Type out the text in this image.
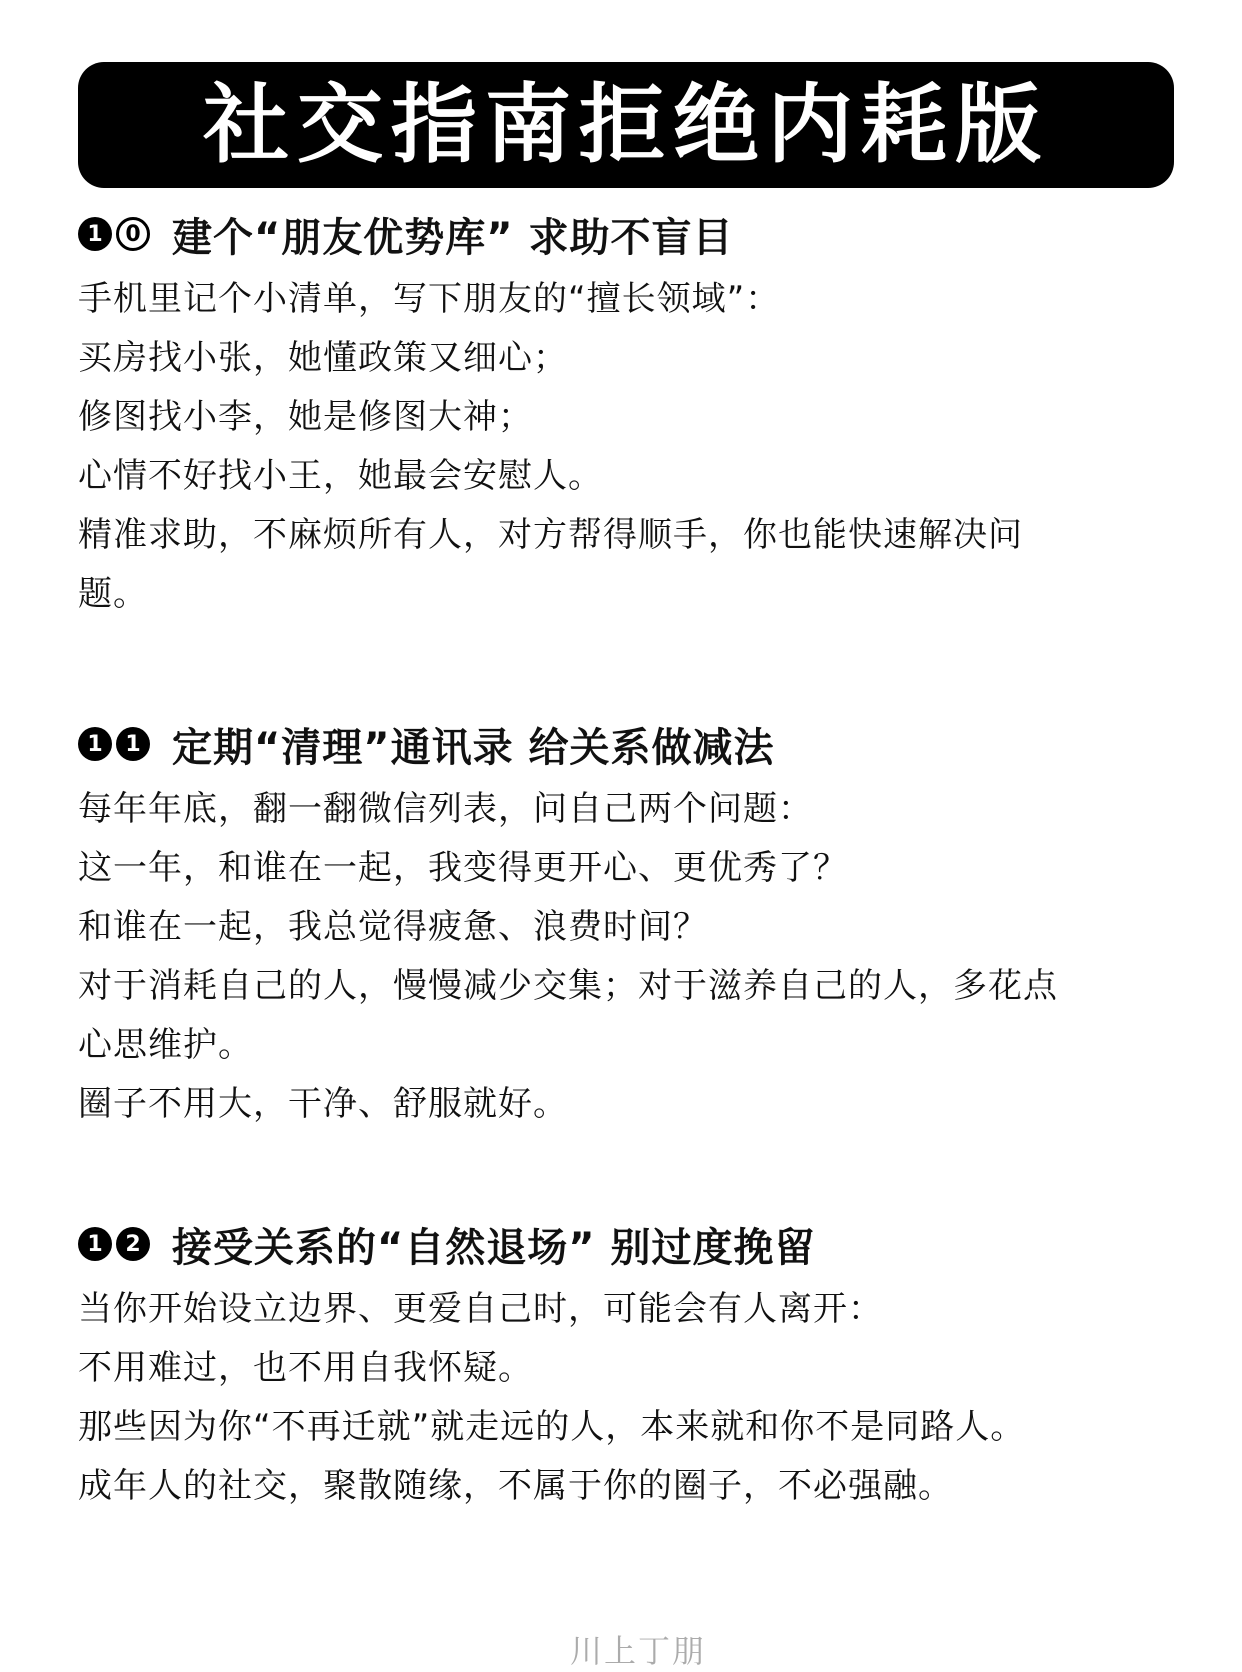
社交指南拒绝内耗版
1	0 建个“朋友优势库” 求助不盲目
手机里记个小清单，写下朋友的“擅长领域”：
买房找小张，她懂政策又细心；
修图找小李，她是修图大神；
心情不好找小王，她最会安慰人。
精准求助，不麻烦所有人，对方帮得顺手，你也能快速解决问
题。
1	1 定期“清理”通讯录 给关系做减法
每年年底，翻一翻微信列表，问自己两个问题：
这一年，和谁在一起，我变得更开心、更优秀了？
和谁在一起，我总觉得疲惫、浪费时间？
对于消耗自己的人，慢慢减少交集；对于滋养自己的人，多花点
心思维护。
圈子不用大，干净、舒服就好。
1	2 接受关系的“自然退场” 别过度挽留
当你开始设立边界、更爱自己时，可能会有人离开：
不用难过，也不用自我怀疑。
那些因为你“不再迁就”就走远的人，本来就和你不是同路人。
成年人的社交，聚散随缘，不属于你的圈子，不必强融。
川上丁朋
